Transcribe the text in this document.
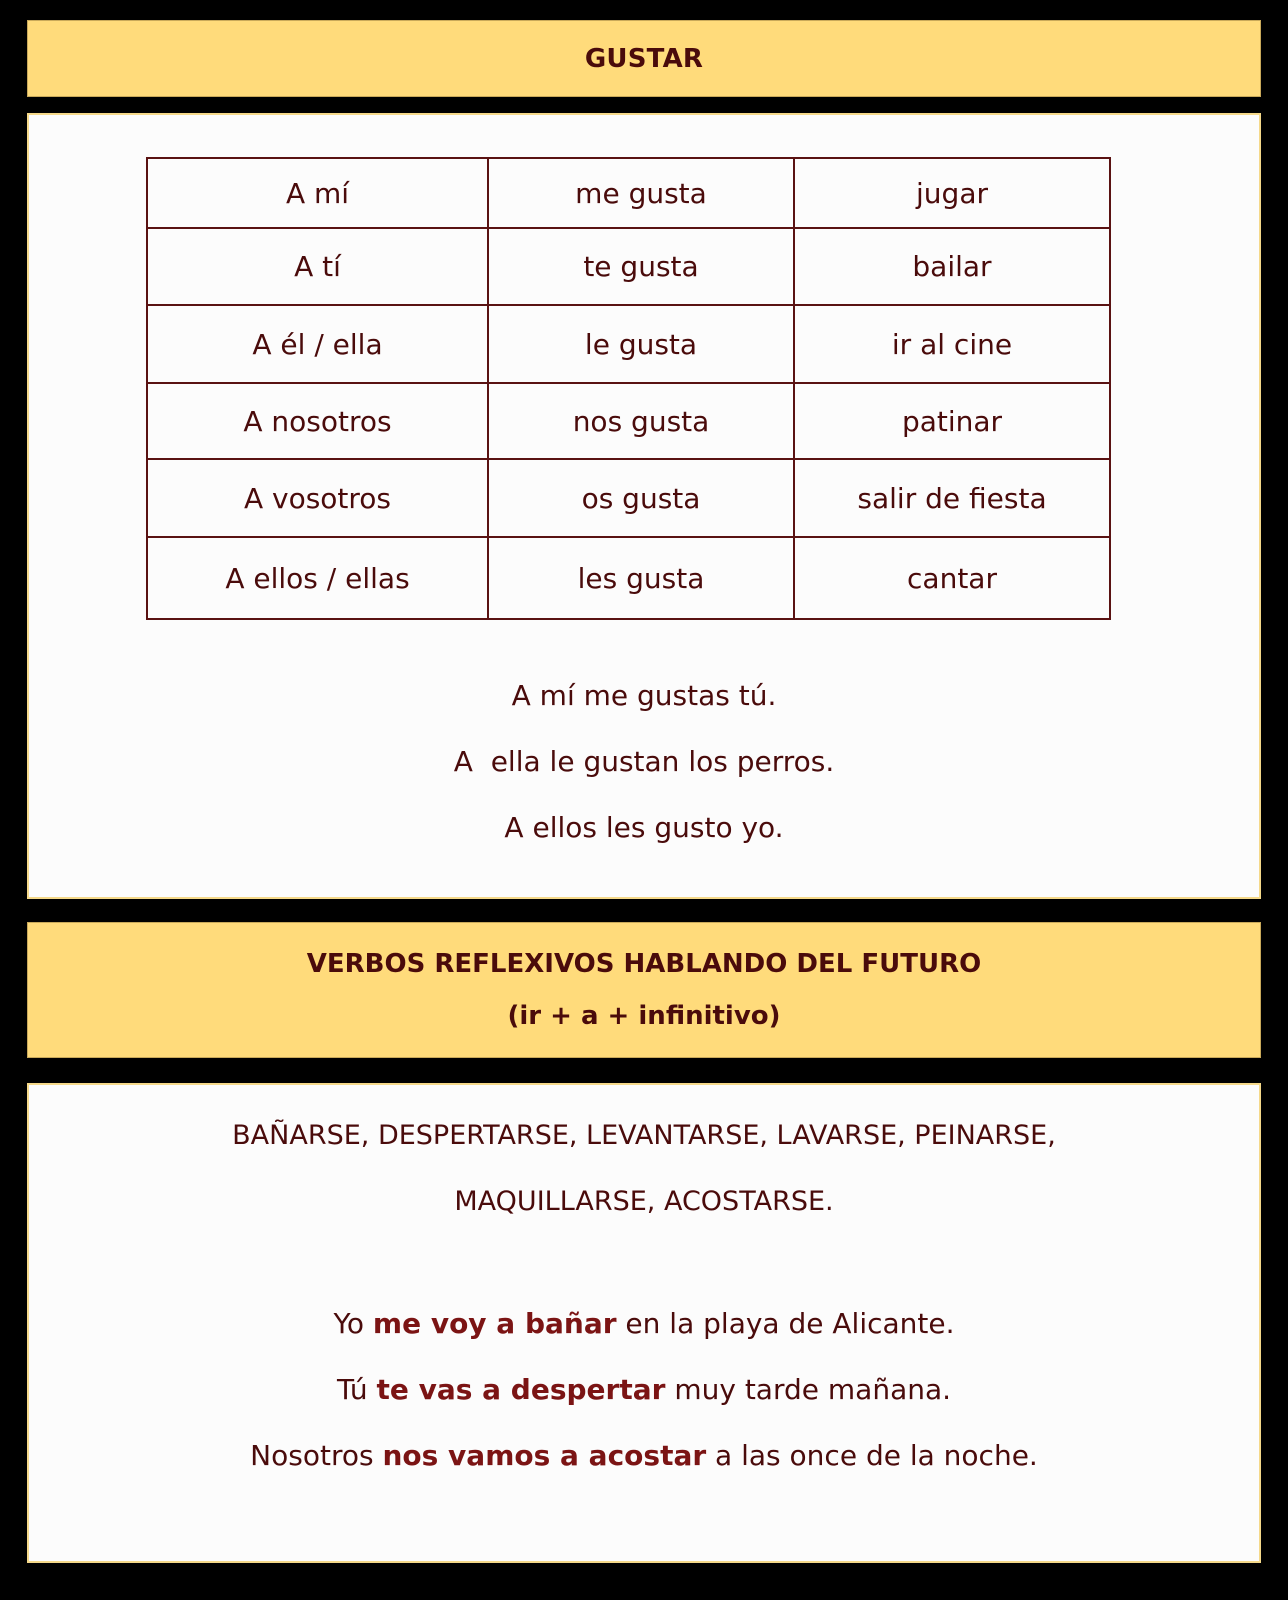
GUSTAR
A mí	me gusta	jugar
A tí	te gusta	bailar
A él / ella	le gusta	ir al cine
A nosotros	nos gusta	patinar
A vosotros	os gusta	salir de fiesta
A ellos / ellas	les gusta	cantar
A mí me gustas tú.
A  ella le gustan los perros.
A ellos les gusto yo.
VERBOS REFLEXIVOS HABLANDO DEL FUTURO
(ir + a + infinitivo)
BAÑARSE, DESPERTARSE, LEVANTARSE, LAVARSE, PEINARSE,
MAQUILLARSE, ACOSTARSE.
Yo me voy a bañar en la playa de Alicante.
Tú te vas a despertar muy tarde mañana.
Nosotros nos vamos a acostar a las once de la noche.
